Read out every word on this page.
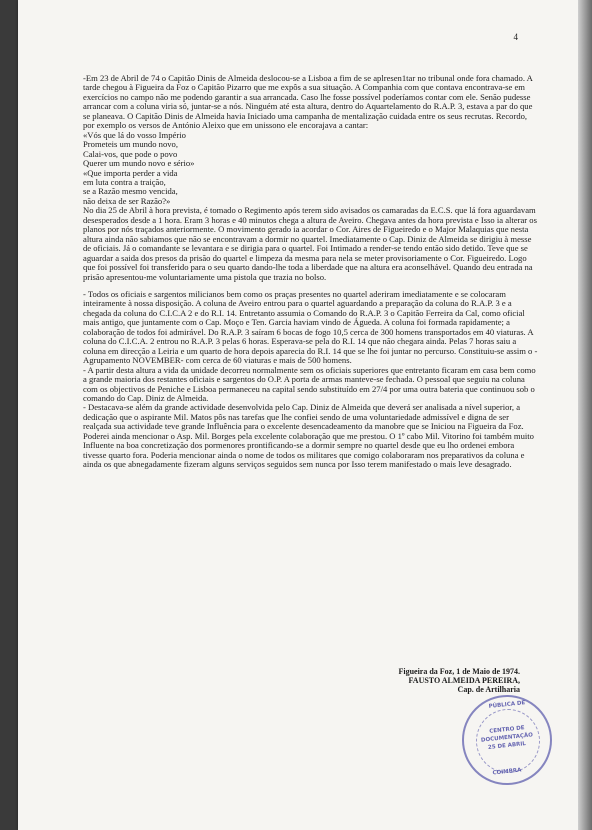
4

-Em 23 de Abril de 74 o Capitão Dinis de Almeida deslocou-se a Lisboa a fim de se aplresen1tar no tribunal onde fora chamado. A tarde chegou à Figueira da Foz o Capitão Pizarro que me expôs a sua situação. A Companhia com que contava encontrava-se em exercícios no campo não me podendo garantir a sua arrancada. Caso lhe fosse possível poderíamos contar com ele. Senão pudesse arrancar com a coluna viria só, juntar-se a nós. Ninguém até esta altura, dentro do Aquartelamento do R.A.P. 3, estava a par do que se planeava. O Capitão Dinis de Almeida havia Iniciado uma campanha de mentalização cuidada entre os seus recrutas. Recordo, por exemplo os versos de António Aleixo que em unissono ele encorajava a cantar:

«Vós que lá do vosso Império

Prometeis um mundo novo,

Calai-vos, que pode o povo

Querer um mundo novo e sério»

«Que importa perder a vida

em luta contra a traição,

se a Razão mesmo vencida,

não deixa de ser Razão?»

No dia 25 de Abril à hora prevista, é tomado o Regimento após terem sido avisados os camaradas da E.C.S. que lá fora aguardavam desesperados desde a 1 hora. Eram 3 horas e 40 minutos chega a altura de Aveiro. Chegava antes da hora prevista e Isso ia alterar os planos por nós traçados anteriormente. O movimento gerado ia acordar o Cor. Aires de Figueiredo e o Major Malaquias que nesta altura ainda não sabiamos que não se encontravam a dormir no quartel. Imediatamente o Cap. Diniz de Almeida se dirigiu à messe de oficiais. Já o comandante se levantara e se dirigia para o quartel. Foi Intimado a render-se tendo então sido detido. Teve que se aguardar a saida dos presos da prisão do quartel e limpeza da mesma para nela se meter provisoriamente o Cor. Figueiredo. Logo que foi possível foi transferido para o seu quarto dando-lhe toda a liberdade que na altura era aconselhável. Quando deu entrada na prisão apresentou-me voluntariamente uma pistola que trazia no bolso.

- Todos os oficiais e sargentos milicianos bem como os praças presentes no quartel aderiram imediatamente e se colocaram inteiramente à nossa disposição. A coluna de Aveiro entrou para o quartel aguardando a preparação da coluna do R.A.P. 3 e a chegada da coluna do C.I.C.A 2 e do R.I. 14. Entretanto assumia o Comando do R.A.P. 3 o Capitão Ferreira da Cal, como oficial mais antigo, que juntamente com o Cap. Moço e Ten. Garcia haviam vindo de Águeda. A coluna foi formada rapidamente; a colaboração de todos foi admirável. Do R.A.P. 3 saíram 6 bocas de fogo 10,5 cerca de 300 homens transportados em 40 viaturas. A coluna do C.I.C.A. 2 entrou no R.A.P. 3 pelas 6 horas. Esperava-se pela do R.I. 14 que não chegara ainda. Pelas 7 horas saiu a coluna em direcção a Leiria e um quarto de hora depois aparecia do R.I. 14 que se lhe foi juntar no percurso. Constituiu-se assim o -Agrupamento NOVEMBER- com cerca de 60 viaturas e mais de 500 homens.

- A partir desta altura a vida da unidade decorreu normalmente sem os oficiais superiores que entretanto ficaram em casa bem como a grande maioria dos restantes oficiais e sargentos do O.P. A porta de armas manteve-se fechada. O pessoal que seguiu na coluna com os objectivos de Peniche e Lisboa permaneceu na capital sendo substituído em 27/4 por uma outra bateria que continuou sob o comando do Cap. Diniz de Almeida.

- Destacava-se além da grande actividade desenvolvida pelo Cap. Diniz de Almeida que deverá ser analisada a nível superior, a dedicação que o aspirante Mil. Matos pôs nas tarefas que lhe confiei sendo de uma voluntariedade admissível e digna de ser realçada sua actividade teve grande Influência para o excelente desencadeamento da manobre que se Iniciou na Figueira da Foz. Poderei ainda mencionar o Asp. Mil. Borges pela excelente colaboração que me prestou. O 1º cabo Mil. Vitorino foi também muito Influente na boa concretização dos pormenores prontificando-se a dormir sempre no quartel desde que eu lho ordenei embora tivesse quarto fora. Poderia mencionar ainda o nome de todos os militares que comigo colaboraram nos preparativos da coluna e ainda os que abnegadamente fizeram alguns serviços seguidos sem nunca por Isso terem manifestado o mais leve desagrado.

Figueira da Foz, 1 de Maio de 1974.
FAUSTO ALMEIDA PEREIRA,
Cap. de Artilharia
PÚBLICA DE
CENTRO DE
DOCUMENTAÇÃO
25 DE ABRIL
COIMBRA
